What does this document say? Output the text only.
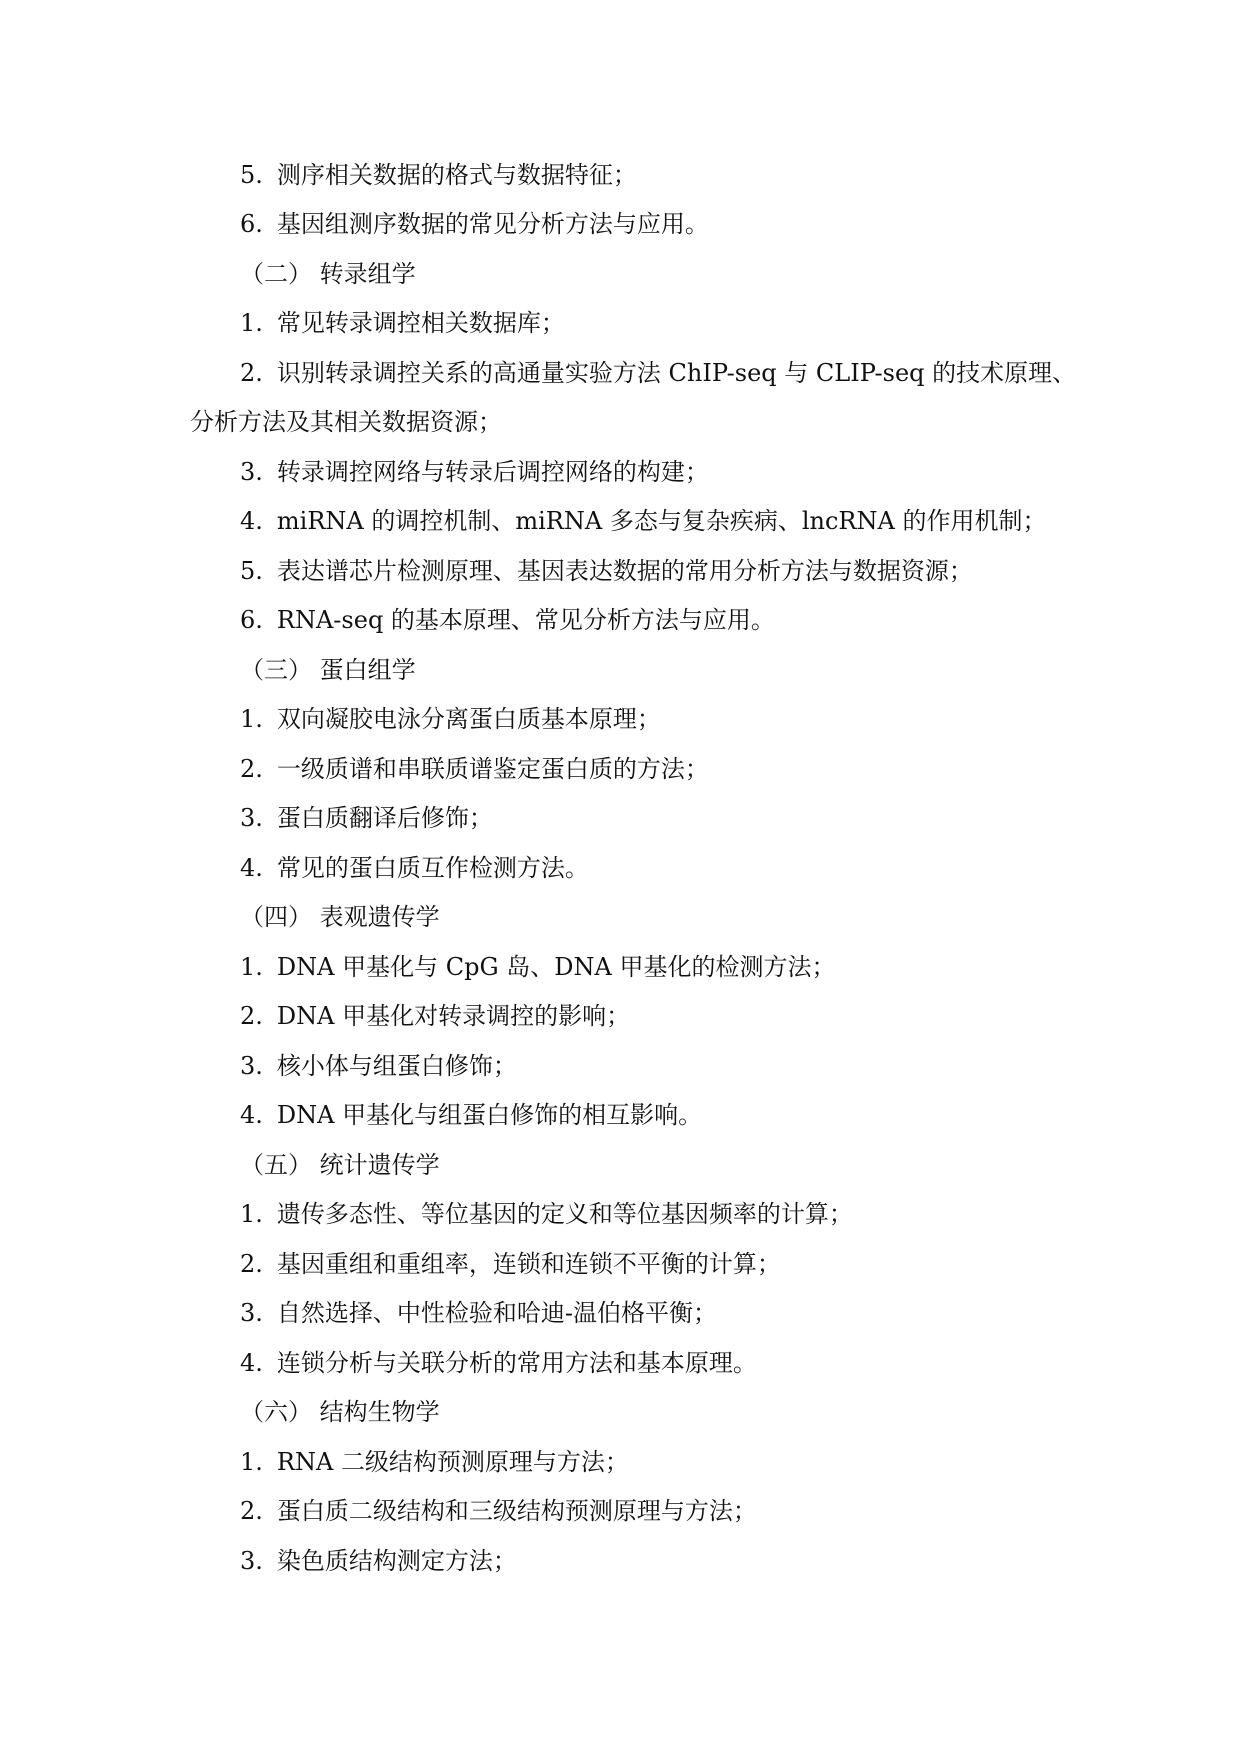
5. 测序相关数据的格式与数据特征；
6. 基因组测序数据的常见分析方法与应用。
（二） 转录组学
1. 常见转录调控相关数据库；
2. 识别转录调控关系的高通量实验方法 ChIP-seq 与 CLIP-seq 的技术原理、
分析方法及其相关数据资源；
3. 转录调控网络与转录后调控网络的构建；
4. miRNA 的调控机制、miRNA 多态与复杂疾病、lncRNA 的作用机制；
5. 表达谱芯片检测原理、基因表达数据的常用分析方法与数据资源；
6. RNA-seq 的基本原理、常见分析方法与应用。
（三） 蛋白组学
1. 双向凝胶电泳分离蛋白质基本原理；
2. 一级质谱和串联质谱鉴定蛋白质的方法；
3. 蛋白质翻译后修饰；
4. 常见的蛋白质互作检测方法。
（四） 表观遗传学
1. DNA 甲基化与 CpG 岛、DNA 甲基化的检测方法；
2. DNA 甲基化对转录调控的影响；
3. 核小体与组蛋白修饰；
4. DNA 甲基化与组蛋白修饰的相互影响。
（五） 统计遗传学
1. 遗传多态性、等位基因的定义和等位基因频率的计算；
2. 基因重组和重组率，连锁和连锁不平衡的计算；
3. 自然选择、中性检验和哈迪-温伯格平衡；
4. 连锁分析与关联分析的常用方法和基本原理。
（六） 结构生物学
1. RNA 二级结构预测原理与方法；
2. 蛋白质二级结构和三级结构预测原理与方法；
3. 染色质结构测定方法；
